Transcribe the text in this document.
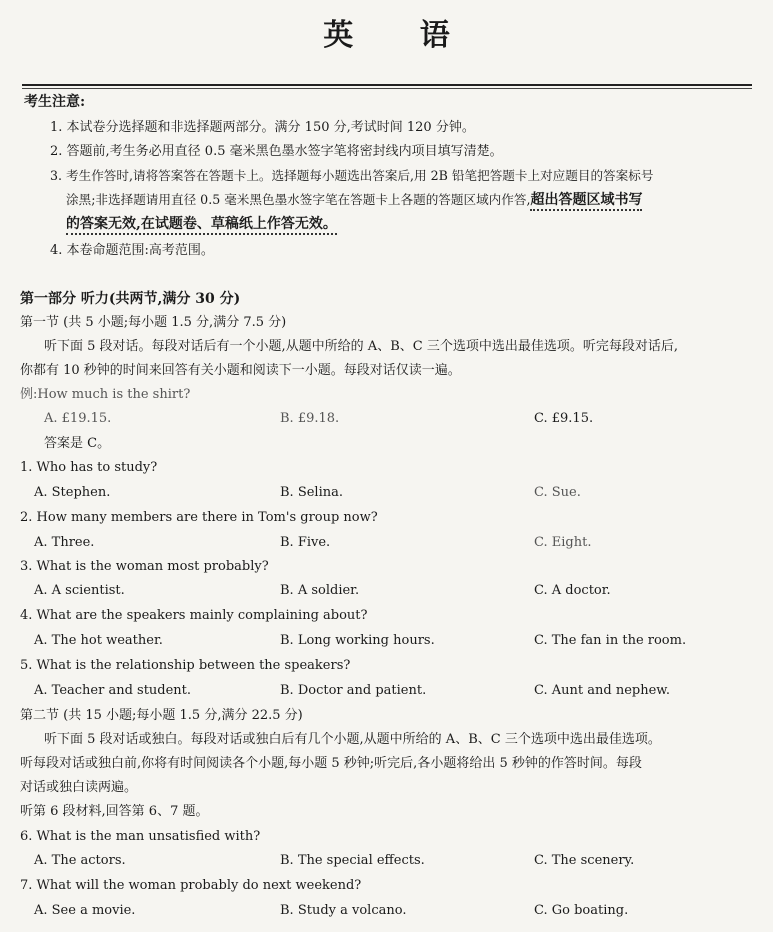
英 语
考生注意:
1. 本试卷分选择题和非选择题两部分。满分 150 分,考试时间 120 分钟。
2. 答题前,考生务必用直径 0.5 毫米黑色墨水签字笔将密封线内项目填写清楚。
3. 考生作答时,请将答案答在答题卡上。选择题每小题选出答案后,用 2B 铅笔把答题卡上对应题目的答案标号
涂黑;非选择题请用直径 0.5 毫米黑色墨水签字笔在答题卡上各题的答题区域内作答,超出答题区域书写
的答案无效,在试题卷、草稿纸上作答无效。
4. 本卷命题范围:高考范围。
第一部分 听力(共两节,满分 30 分)
第一节 (共 5 小题;每小题 1.5 分,满分 7.5 分)
听下面 5 段对话。每段对话后有一个小题,从题中所给的 A、B、C 三个选项中选出最佳选项。听完每段对话后,
你都有 10 秒钟的时间来回答有关小题和阅读下一小题。每段对话仅读一遍。
例:How much is the shirt?
A. £19.15.	B. £9.18.	C. £9.15.
答案是 C。
1. Who has to study?
A. Stephen.	B. Selina.	C. Sue.
2. How many members are there in Tom's group now?
A. Three.	B. Five.	C. Eight.
3. What is the woman most probably?
A. A scientist.	B. A soldier.	C. A doctor.
4. What are the speakers mainly complaining about?
A. The hot weather.	B. Long working hours.	C. The fan in the room.
5. What is the relationship between the speakers?
A. Teacher and student.	B. Doctor and patient.	C. Aunt and nephew.
第二节 (共 15 小题;每小题 1.5 分,满分 22.5 分)
听下面 5 段对话或独白。每段对话或独白后有几个小题,从题中所给的 A、B、C 三个选项中选出最佳选项。
听每段对话或独白前,你将有时间阅读各个小题,每小题 5 秒钟;听完后,各小题将给出 5 秒钟的作答时间。每段
对话或独白读两遍。
听第 6 段材料,回答第 6、7 题。
6. What is the man unsatisfied with?
A. The actors.	B. The special effects.	C. The scenery.
7. What will the woman probably do next weekend?
A. See a movie.	B. Study a volcano.	C. Go boating.
